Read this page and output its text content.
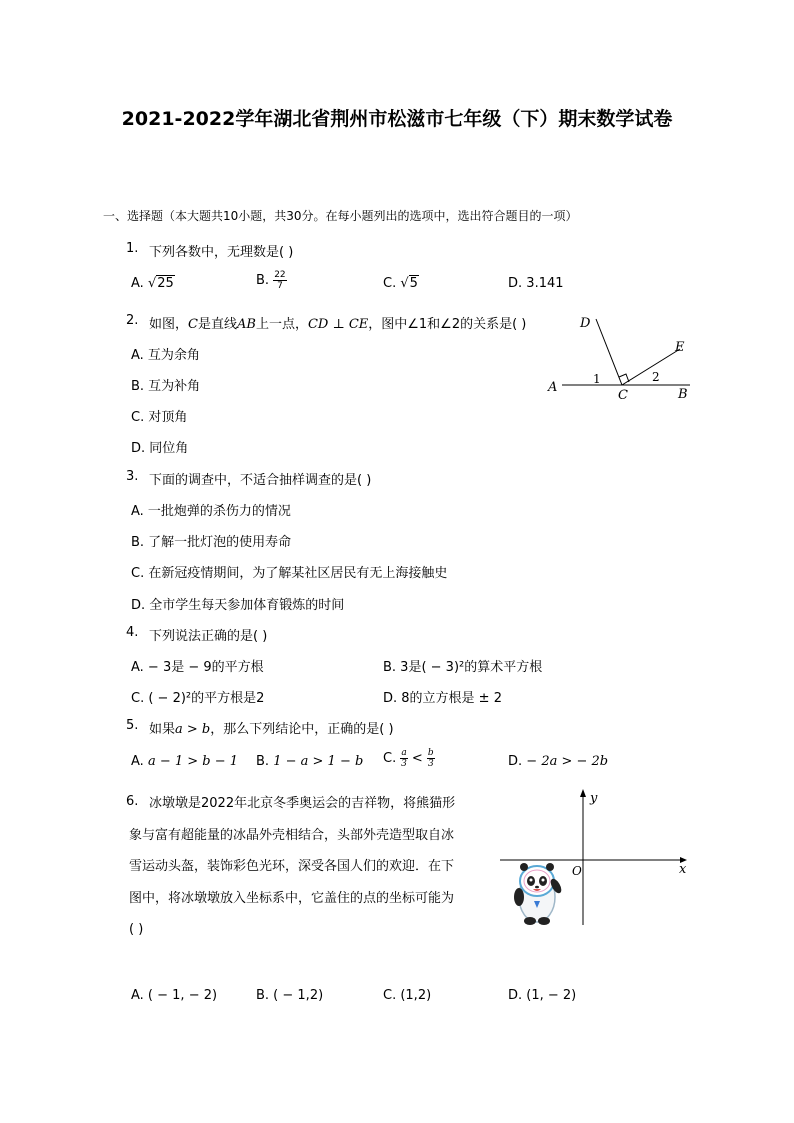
2021-2022学年湖北省荆州市松滋市七年级（下）期末数学试卷
一、选择题（本大题共10小题，共30分。在每小题列出的选项中，选出符合题目的一项）
1. 下列各数中，无理数是( )
A. √25	B. $\frac{22}{7}$	C. √5	D. 3.141
2. 如图，C是直线AB上一点，CD ⊥ CE，图中∠1和∠2的关系是( )
A. 互为余角
B. 互为补角
C. 对顶角
D. 同位角
A	B
C
D
E
1	2
3. 下面的调查中，不适合抽样调查的是( )
A. 一批炮弹的杀伤力的情况
B. 了解一批灯泡的使用寿命
C. 在新冠疫情期间，为了解某社区居民有无上海接触史
D. 全市学生每天参加体育锻炼的时间
4. 下列说法正确的是( )
A. − 3是 − 9的平方根	B. 3是( − 3)²的算术平方根
C. ( − 2)²的平方根是2	D. 8的立方根是 ± 2
5. 如果a > b，那么下列结论中，正确的是( )
A. a − 1 > b − 1 B. 1 − a > 1 − b C. $\frac{a}{3} < \frac{b}{3}$	D. − 2a > − 2b
6. 冰墩墩是2022年北京冬季奥运会的吉祥物，将熊猫形
象与富有超能量的冰晶外壳相结合，头部外壳造型取自冰
雪运动头盔，装饰彩色光环，深受各国人们的欢迎．在下
图中，将冰墩墩放入坐标系中，它盖住的点的坐标可能为
( )
x
y
O
A. ( − 1, − 2)	B. ( − 1,2)	C. (1,2)	D. (1, − 2)
